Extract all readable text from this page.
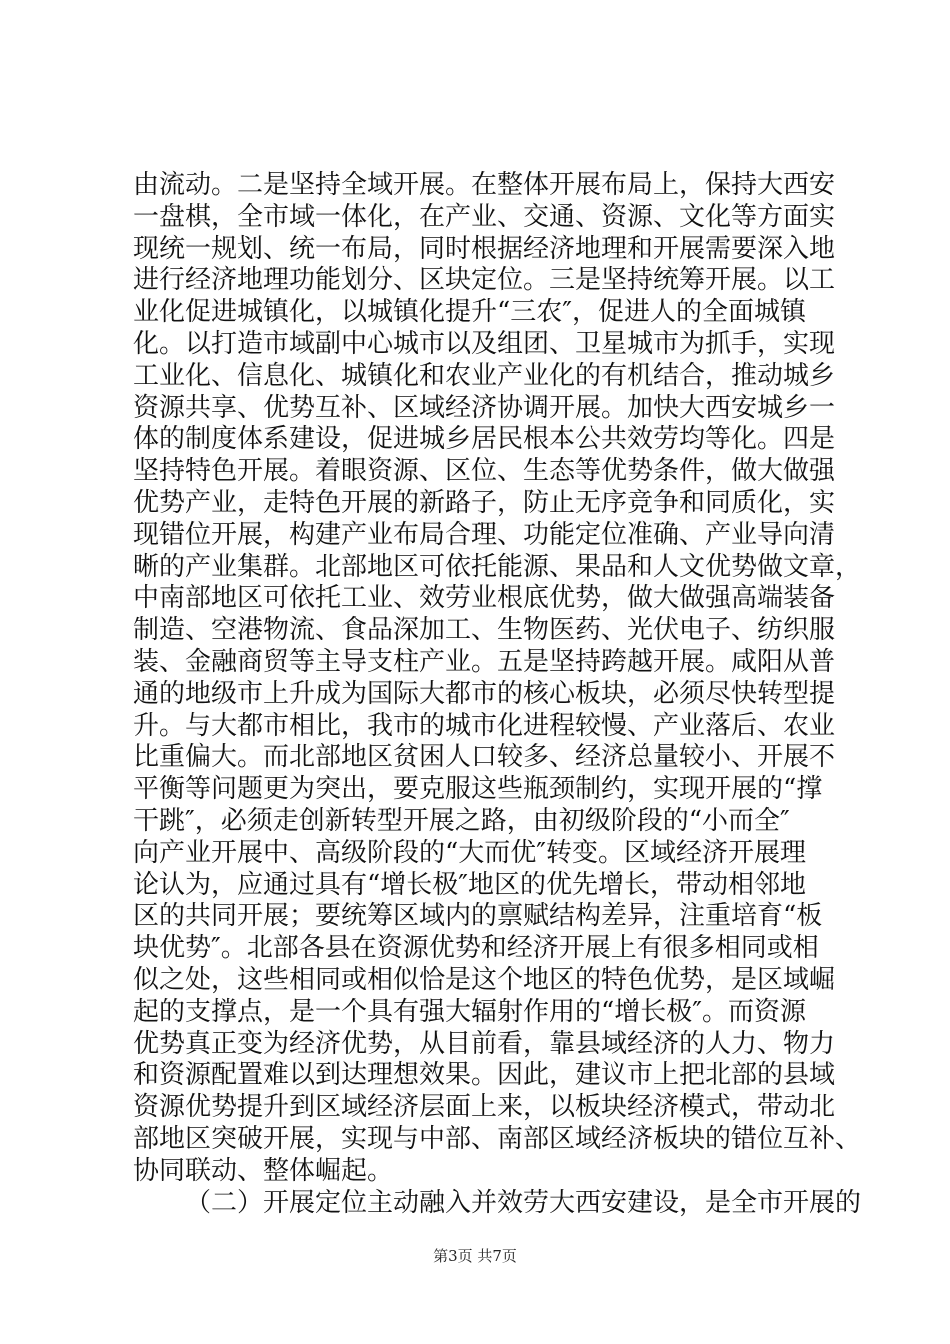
由流动。二是坚持全域开展。在整体开展布局上，保持大西安
一盘棋，全市域一体化，在产业、交通、资源、文化等方面实
现统一规划、统一布局，同时根据经济地理和开展需要深入地
进行经济地理功能划分、区块定位。三是坚持统筹开展。以工
业化促进城镇化，以城镇化提升“三农″，促进人的全面城镇
化。以打造市域副中心城市以及组团、卫星城市为抓手，实现
工业化、信息化、城镇化和农业产业化的有机结合，推动城乡
资源共享、优势互补、区域经济协调开展。加快大西安城乡一
体的制度体系建设，促进城乡居民根本公共效劳均等化。四是
坚持特色开展。着眼资源、区位、生态等优势条件，做大做强
优势产业，走特色开展的新路子，防止无序竞争和同质化，实
现错位开展，构建产业布局合理、功能定位准确、产业导向清
晰的产业集群。北部地区可依托能源、果品和人文优势做文章，
中南部地区可依托工业、效劳业根底优势，做大做强高端装备
制造、空港物流、食品深加工、生物医药、光伏电子、纺织服
装、金融商贸等主导支柱产业。五是坚持跨越开展。咸阳从普
通的地级市上升成为国际大都市的核心板块，必须尽快转型提
升。与大都市相比，我市的城市化进程较慢、产业落后、农业
比重偏大。而北部地区贫困人口较多、经济总量较小、开展不
平衡等问题更为突出，要克服这些瓶颈制约，实现开展的“撑
干跳″，必须走创新转型开展之路，由初级阶段的“小而全″
向产业开展中、高级阶段的“大而优″转变。区域经济开展理
论认为，应通过具有“增长极″地区的优先增长，带动相邻地
区的共同开展；要统筹区域内的禀赋结构差异，注重培育“板
块优势″。北部各县在资源优势和经济开展上有很多相同或相
似之处，这些相同或相似恰是这个地区的特色优势，是区域崛
起的支撑点，是一个具有强大辐射作用的“增长极″。而资源
优势真正变为经济优势，从目前看，靠县域经济的人力、物力
和资源配置难以到达理想效果。因此，建议市上把北部的县域
资源优势提升到区域经济层面上来，以板块经济模式，带动北
部地区突破开展，实现与中部、南部区域经济板块的错位互补、
协同联动、整体崛起。
（二）开展定位主动融入并效劳大西安建设，是全市开展的
第3页 共7页
